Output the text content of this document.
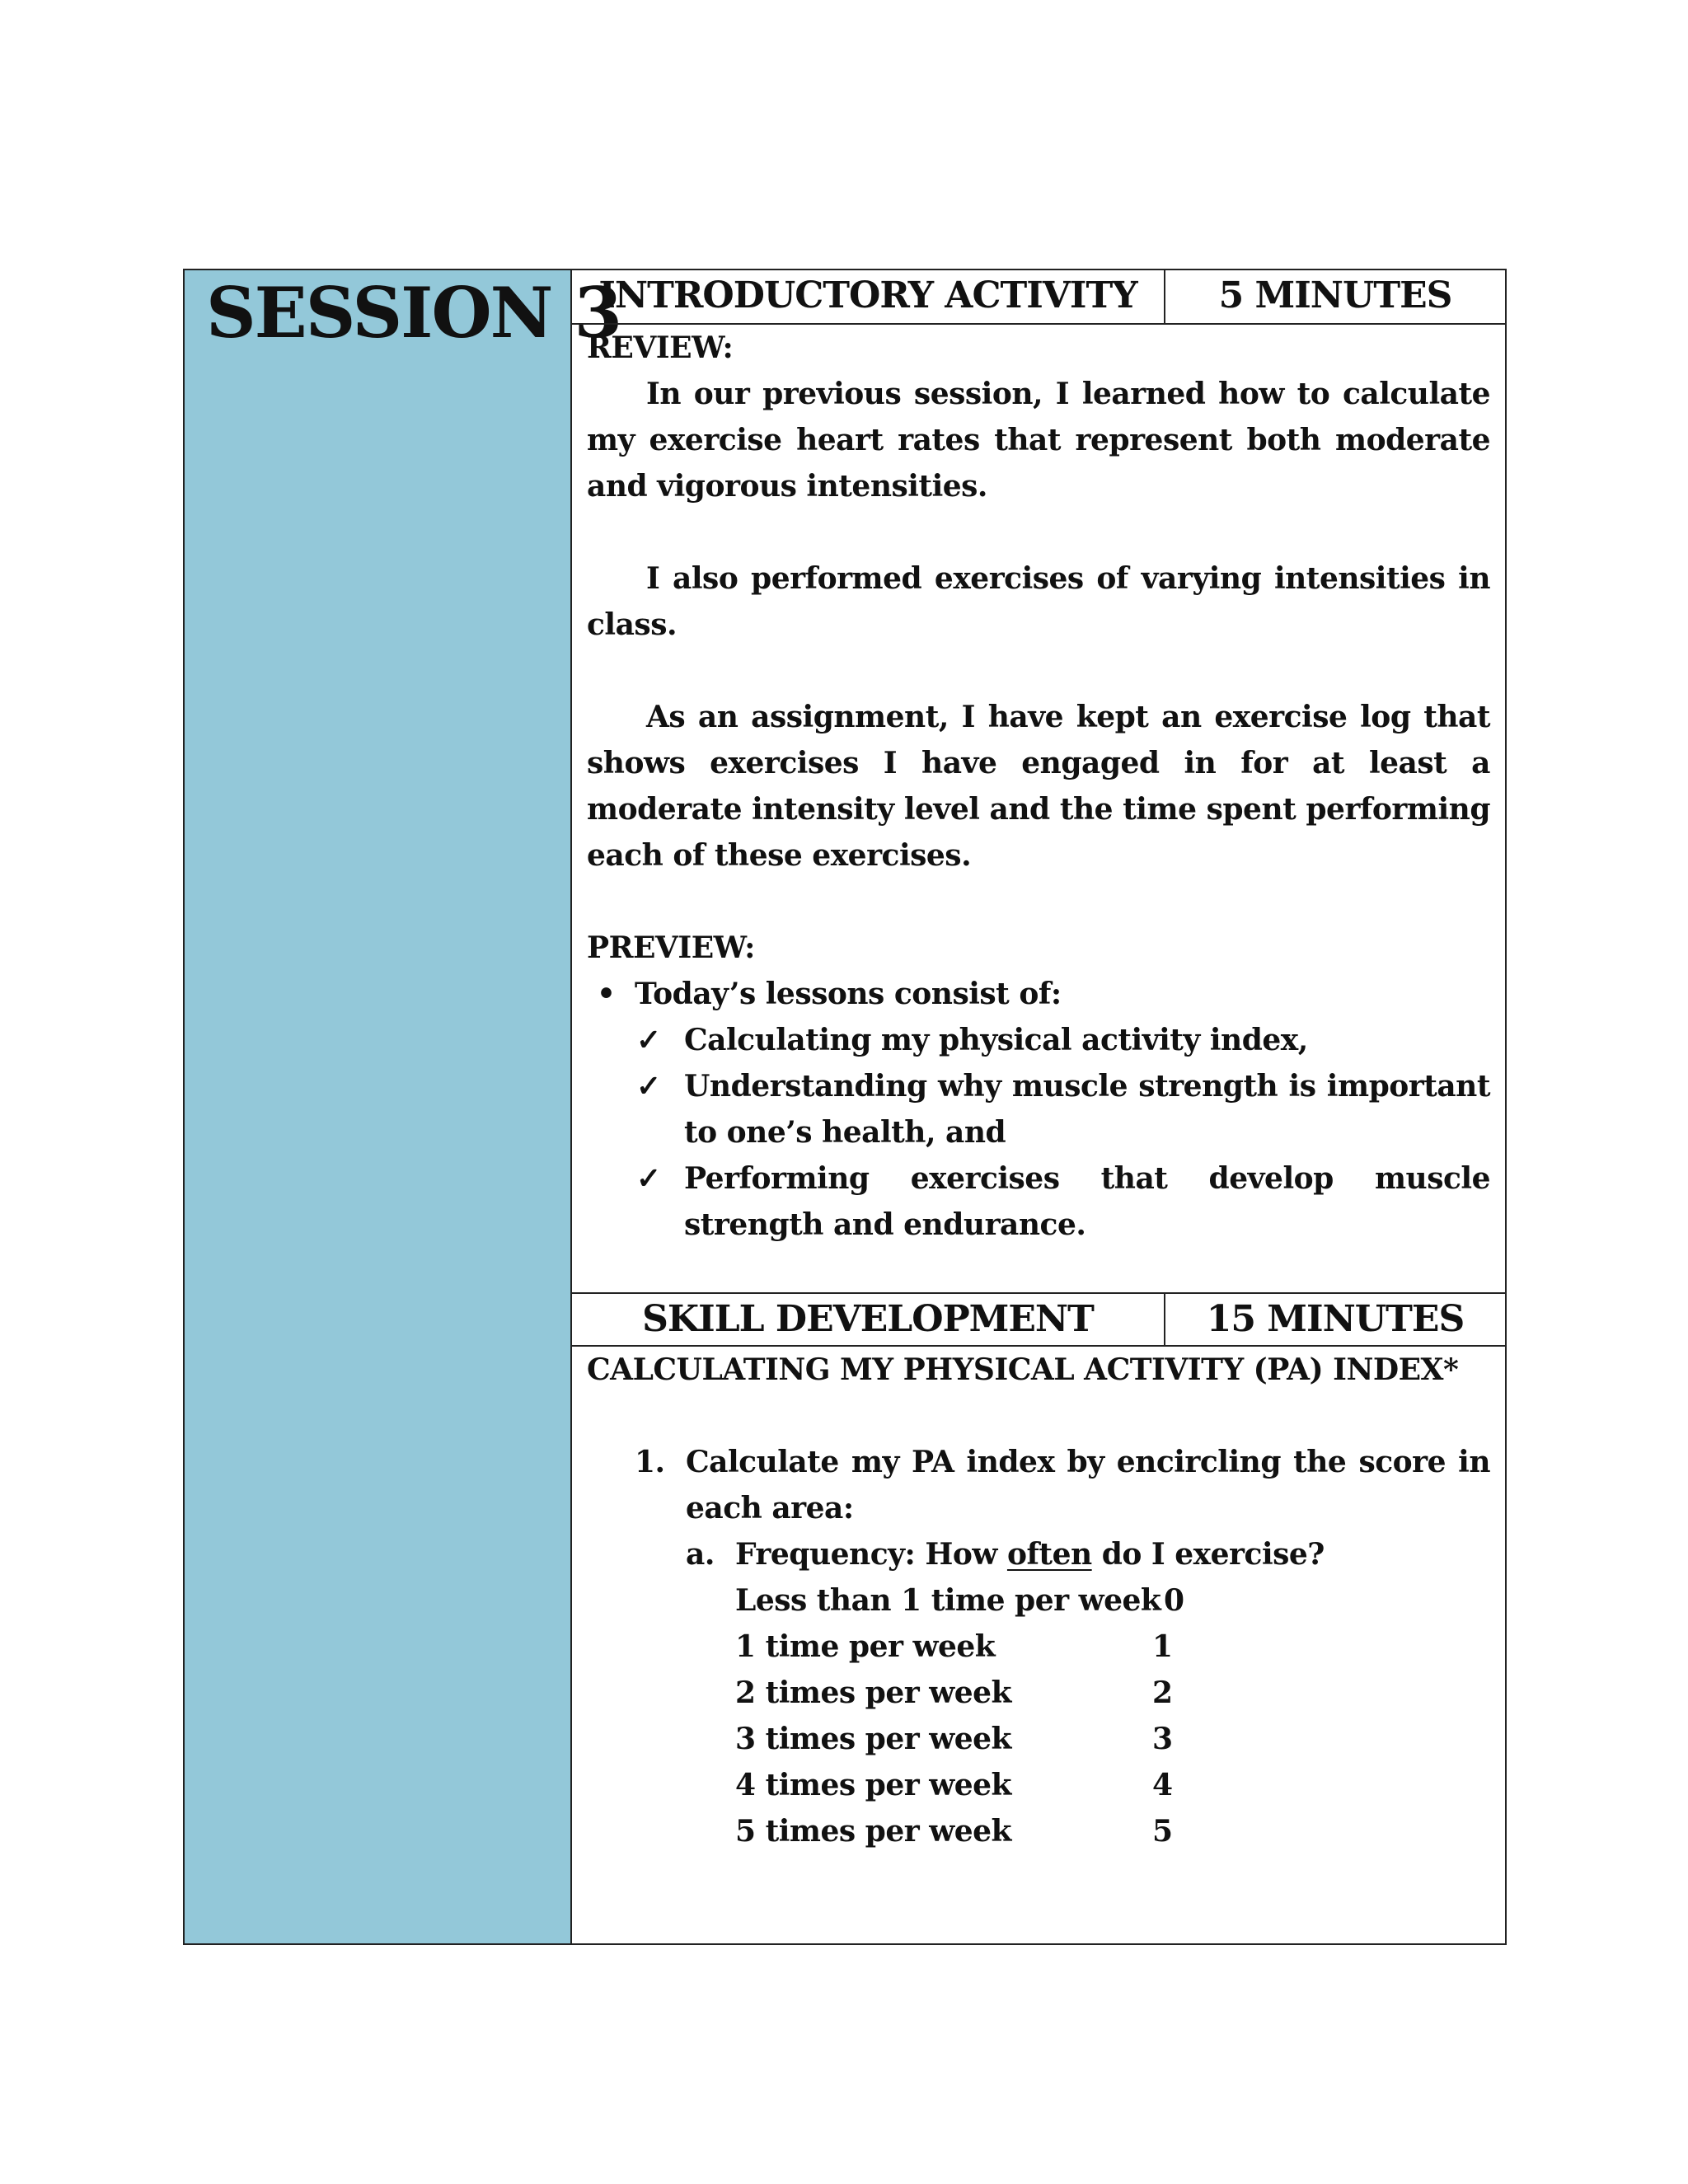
SESSION 3
INTRODUCTORY ACTIVITY	5 MINUTES
REVIEW:
In our previous session, I learned how to calculate my exercise heart rates that represent both moderate and vigorous intensities.
I also performed exercises of varying intensities in class.
As an assignment, I have kept an exercise log that shows exercises I have engaged in for at least a moderate intensity level and the time spent performing each of these exercises.
PREVIEW:
• Today’s lessons consist of:
✓ Calculating my physical activity index,
✓ Understanding why muscle strength is important to one’s health, and
✓ Performing exercises that develop muscle strength and endurance.
SKILL DEVELOPMENT	15 MINUTES
CALCULATING MY PHYSICAL ACTIVITY (PA) INDEX*
1. Calculate my PA index by encircling the score in each area:
a. Frequency: How often do I exercise?
Less than 1 time per week 0
1 time per week	1
2 times per week	2
3 times per week	3
4 times per week	4
5 times per week	5
